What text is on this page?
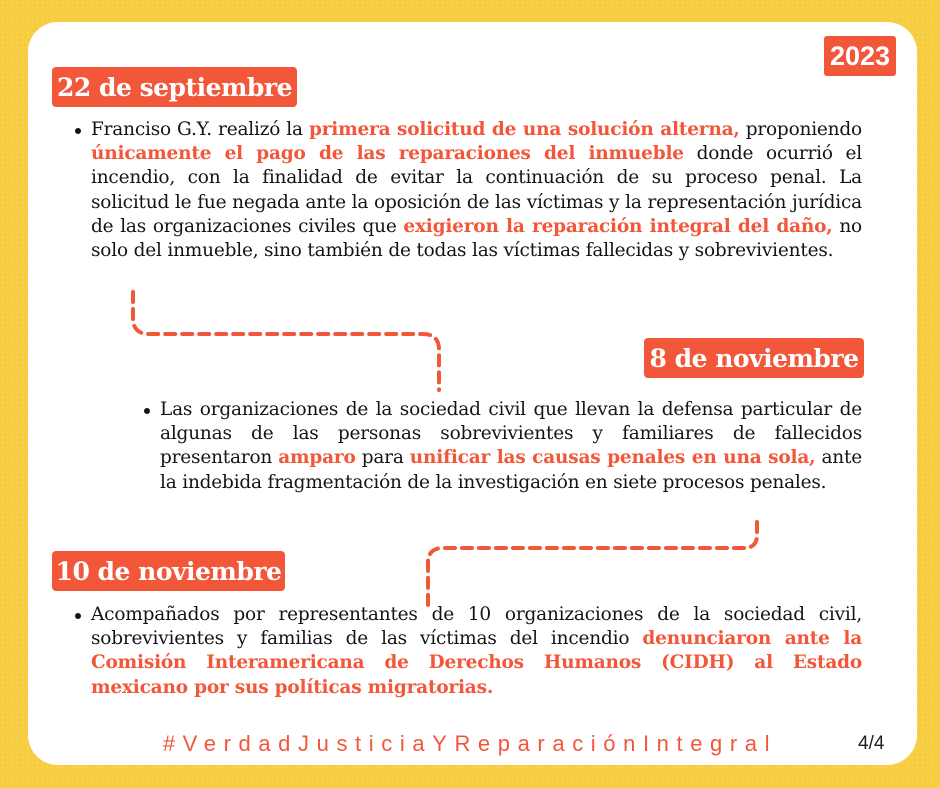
2023
22 de septiembre
Franciso G.Y. realizó la primera solicitud de una solución alterna, proponiendo únicamente el pago de las reparaciones del inmueble donde ocurrió el incendio, con la finalidad de evitar la continuación de su proceso penal. La solicitud le fue negada ante la oposición de las víctimas y la representación jurídica de las organizaciones civiles que exigieron la reparación integral del daño, no solo del inmueble, sino también de todas las víctimas fallecidas y sobrevivientes.
8 de noviembre
Las organizaciones de la sociedad civil que llevan la defensa particular de algunas de las personas sobrevivientes y familiares de fallecidos presentaron amparo para unificar las causas penales en una sola, ante la indebida fragmentación de la investigación en siete procesos penales.
10 de noviembre
Acompañados por representantes de 10 organizaciones de la sociedad civil, sobrevivientes y familias de las víctimas del incendio denunciaron ante la Comisión Interamericana de Derechos Humanos (CIDH) al Estado mexicano por sus políticas migratorias.
#VerdadJusticiaYReparaciónIntegral	4/4
